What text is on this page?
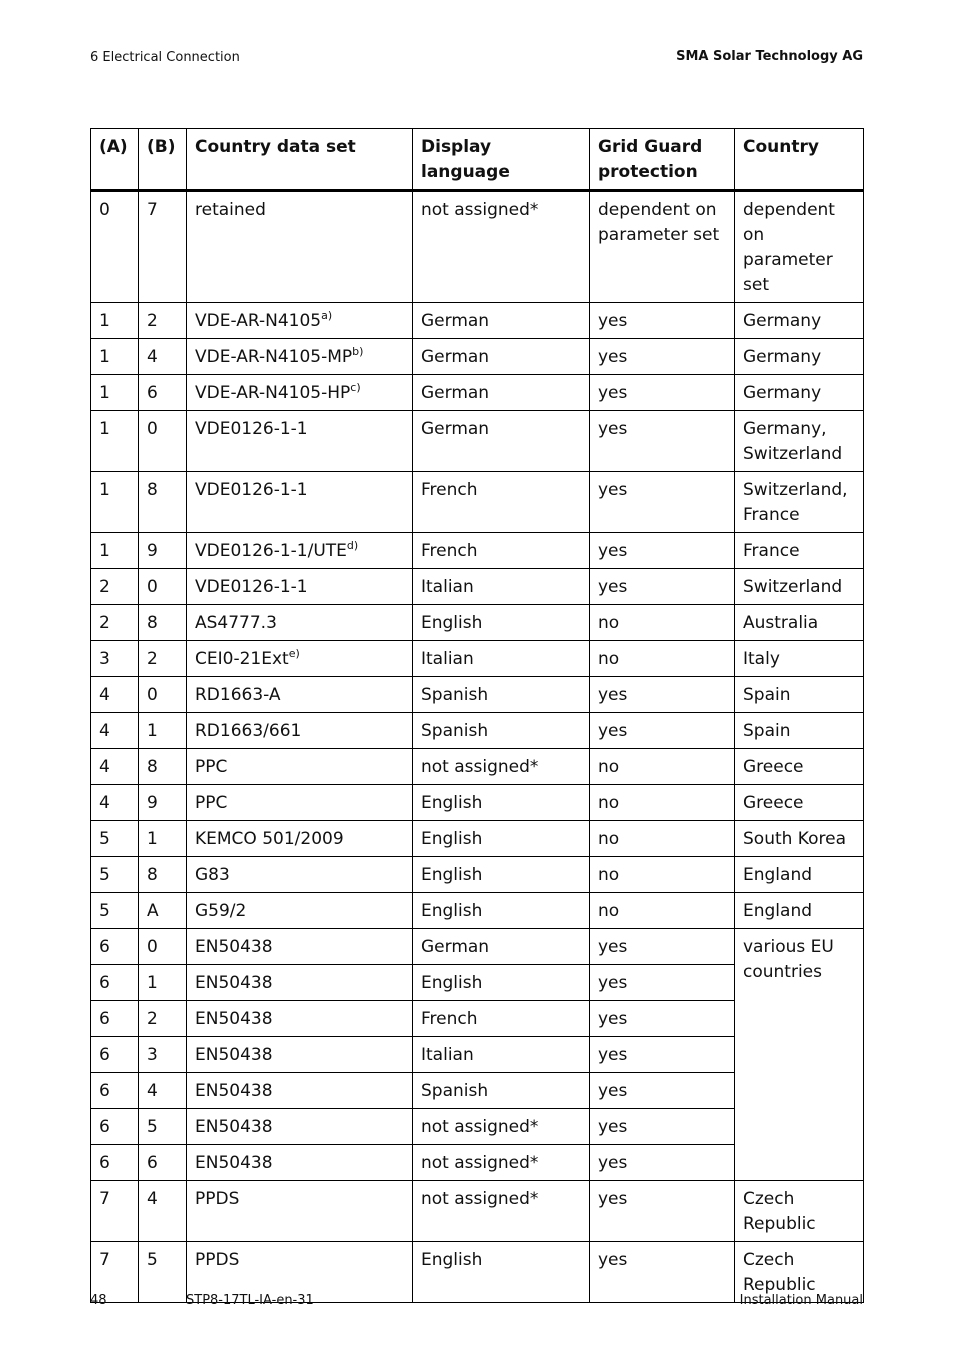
6 Electrical Connection	SMA Solar Technology AG
(A)	(B)	Country data set	Display language	Grid Guard protection	Country
0	7	retained	not assigned*	dependent on parameter set	dependent on parameter set
1	2	VDE-AR-N4105$^{a)}$	German	yes	Germany
1	4	VDE-AR-N4105-MP$^{b)}$	German	yes	Germany
1	6	VDE-AR-N4105-HP$^{c)}$	German	yes	Germany
1	0	VDE0126-1-1	German	yes	Germany, Switzerland
1	8	VDE0126-1-1	French	yes	Switzerland, France
1	9	VDE0126-1-1/UTE$^{d)}$	French	yes	France
2	0	VDE0126-1-1	Italian	yes	Switzerland
2	8	AS4777.3	English	no	Australia
3	2	CEI0-21Ext$^{e)}$	Italian	no	Italy
4	0	RD1663-A	Spanish	yes	Spain
4	1	RD1663/661	Spanish	yes	Spain
4	8	PPC	not assigned*	no	Greece
4	9	PPC	English	no	Greece
5	1	KEMCO 501/2009	English	no	South Korea
5	8	G83	English	no	England
5	A	G59/2	English	no	England
6	0	EN50438	German	yes	various EU countries
6	1	EN50438	English	yes	
6	2	EN50438	French	yes	
6	3	EN50438	Italian	yes	
6	4	EN50438	Spanish	yes	
6	5	EN50438	not assigned*	yes	
6	6	EN50438	not assigned*	yes	
7	4	PPDS	not assigned*	yes	Czech Republic
7	5	PPDS	English	yes	Czech Republic
48	STP8-17TL-IA-en-31	Installation Manual
